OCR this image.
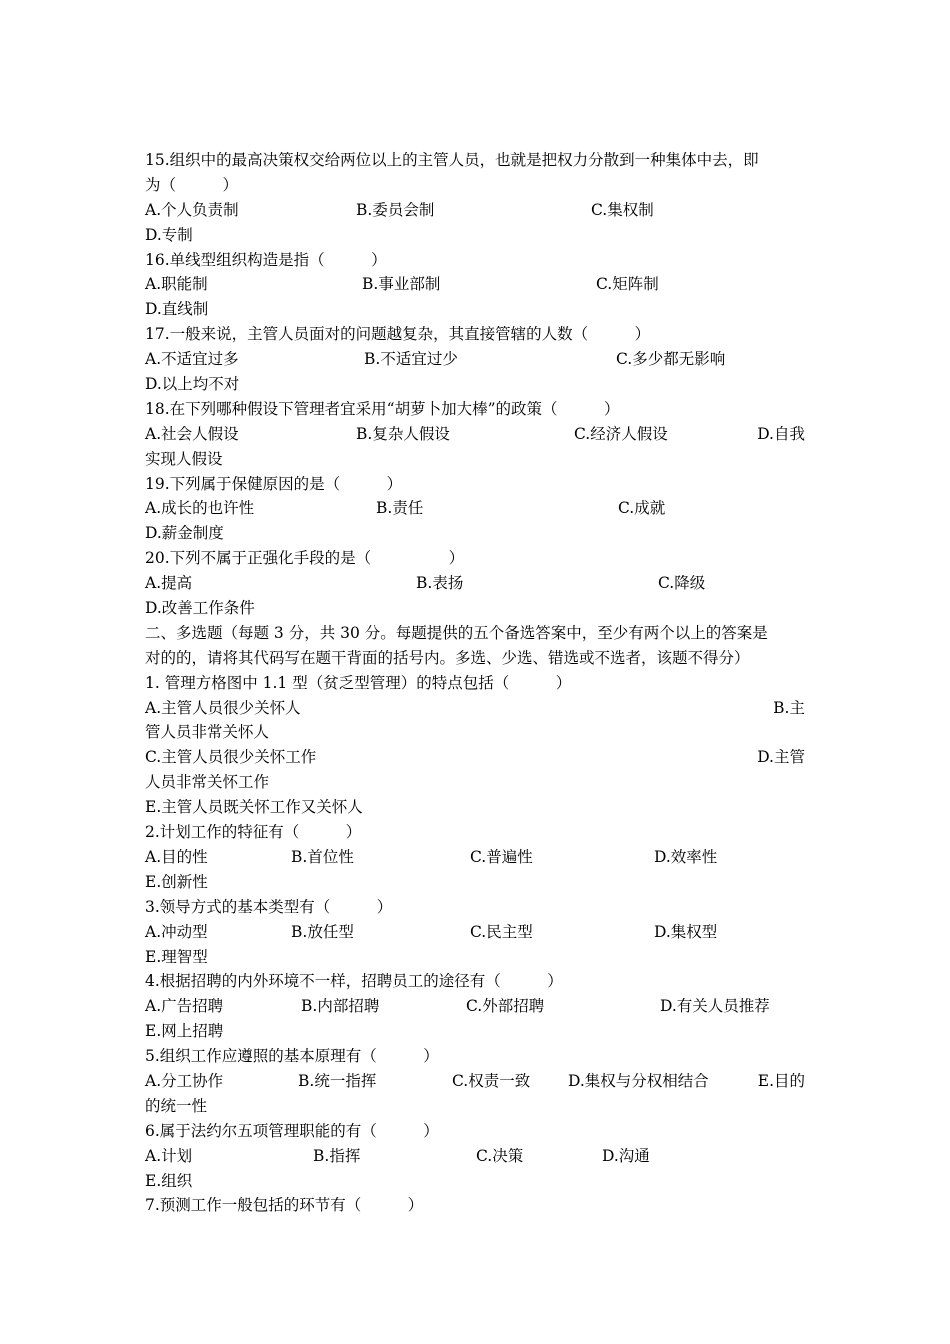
15.组织中的最高决策权交给两位以上的主管人员，也就是把权力分散到一种集体中去，即
为（　　　）
A.个人负责制	B.委员会制	C.集权制
D.专制
16.单线型组织构造是指（　　　）
A.职能制	B.事业部制	C.矩阵制
D.直线制
17.一般来说，主管人员面对的问题越复杂，其直接管辖的人数（　　　）
A.不适宜过多	B.不适宜过少	C.多少都无影响
D.以上均不对
18.在下列哪种假设下管理者宜采用“胡萝卜加大棒”的政策（　　　）
A.社会人假设	B.复杂人假设	C.经济人假设	D.自我
实现人假设
19.下列属于保健原因的是（　　　）
A.成长的也许性	B.责任	C.成就
D.薪金制度
20.下列不属于正强化手段的是（　　　　　）
A.提高	B.表扬	C.降级
D.改善工作条件
二、多选题（每题 3 分，共 30 分。每题提供的五个备选答案中，至少有两个以上的答案是
对的的，请将其代码写在题干背面的括号内。多选、少选、错选或不选者，该题不得分）
1. 管理方格图中 1.1 型（贫乏型管理）的特点包括（　　　）
A.主管人员很少关怀人	B.主
管人员非常关怀人
C.主管人员很少关怀工作	D.主管
人员非常关怀工作
E.主管人员既关怀工作又关怀人
2.计划工作的特征有（　　　）
A.目的性	B.首位性	C.普遍性	D.效率性
E.创新性
3.领导方式的基本类型有（　　　）
A.冲动型	B.放任型	C.民主型	D.集权型
E.理智型
4.根据招聘的内外环境不一样，招聘员工的途径有（　　　）
A.广告招聘	B.内部招聘	C.外部招聘	D.有关人员推荐
E.网上招聘
5.组织工作应遵照的基本原理有（　　　）
A.分工协作	B.统一指挥	C.权责一致 D.集权与分权相结合	E.目的
的统一性
6.属于法约尔五项管理职能的有（　　　）
A.计划	B.指挥	C.决策	D.沟通
E.组织
7.预测工作一般包括的环节有（　　　）
